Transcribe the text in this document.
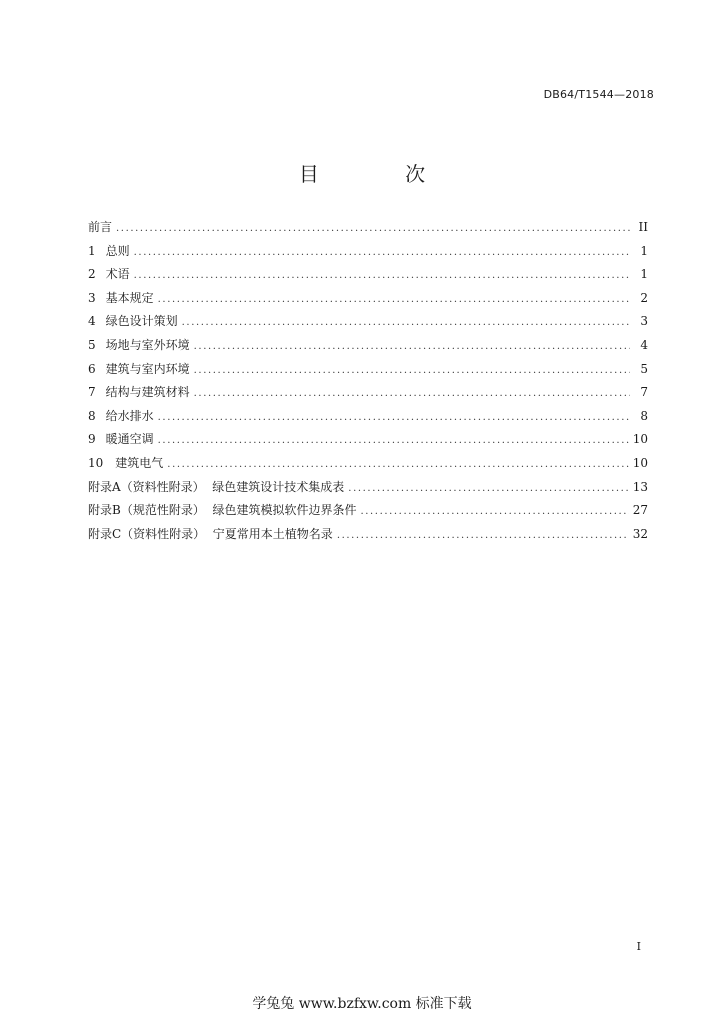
DB64/T1544—2018
目 次
前言 .....	II
1 总则 .....	1
2 术语 .....	1
3 基本规定 .....	2
4 绿色设计策划 .....	3
5 场地与室外环境 .....	4
6 建筑与室内环境 .....	5
7 结构与建筑材料 .....	7
8 给水排水 .....	8
9 暖通空调 .....	10
10 建筑电气 .....	10
附录A（资料性附录）  绿色建筑设计技术集成表 .....	13
附录B（规范性附录）  绿色建筑模拟软件边界条件 .....	27
附录C（资料性附录）  宁夏常用本土植物名录 .....	32
I
学兔兔 www.bzfxw.com 标准下载
